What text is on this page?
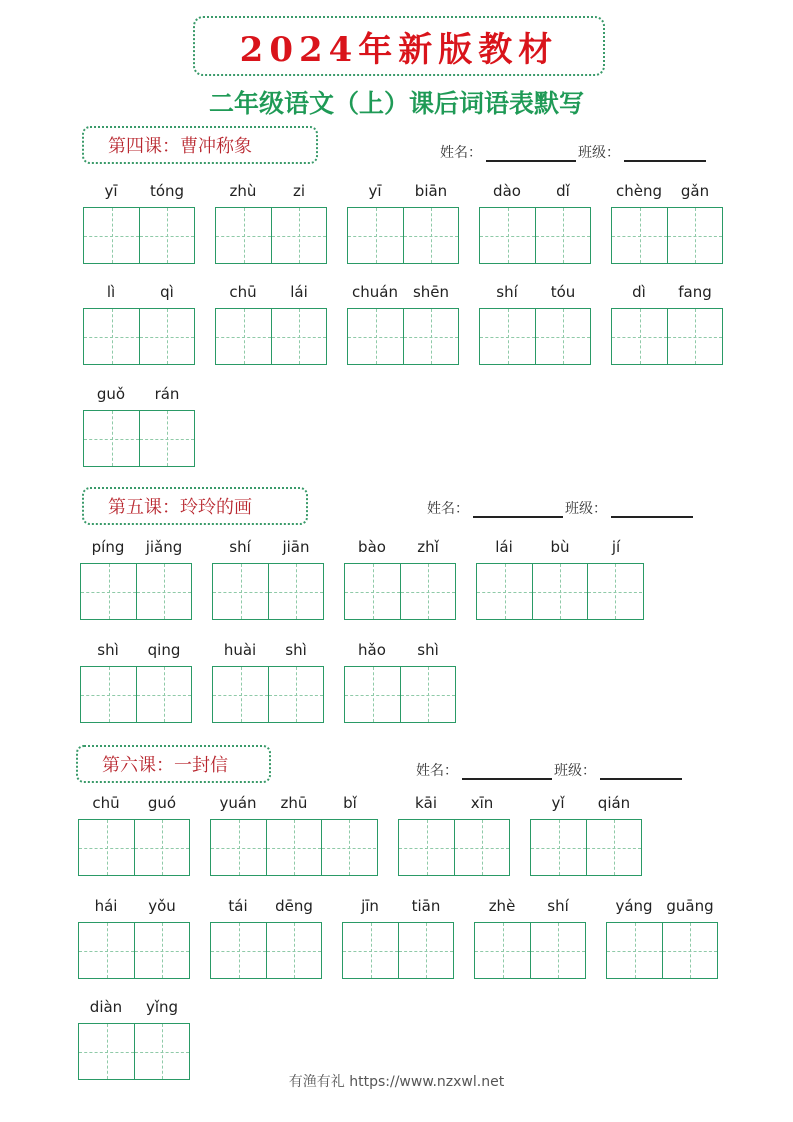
2024年新版教材
二年级语文（上）课后词语表默写
第四课：曹冲称象	姓名：	班级：
第五课：玲玲的画	姓名：	班级：
第六课：一封信	姓名：	班级：
yī	tóng	zhù	zi	yī	biān	dào	dǐ	chèng	gǎn
lì	qì	chū	lái	chuán shēn	shí	tóu	dì	fang
guǒ	rán
píng	jiǎng	shí	jiān	bào	zhǐ	lái	bù	jí
shì	qing	huài	shì	hǎo	shì
chū	guó	yuán	zhū	bǐ	kāi	xīn	yǐ	qián
hái	yǒu	tái	dēng	jīn	tiān	zhè	shí	yáng guāng
diàn	yǐng
有渔有礼 https://www.nzxwl.net
